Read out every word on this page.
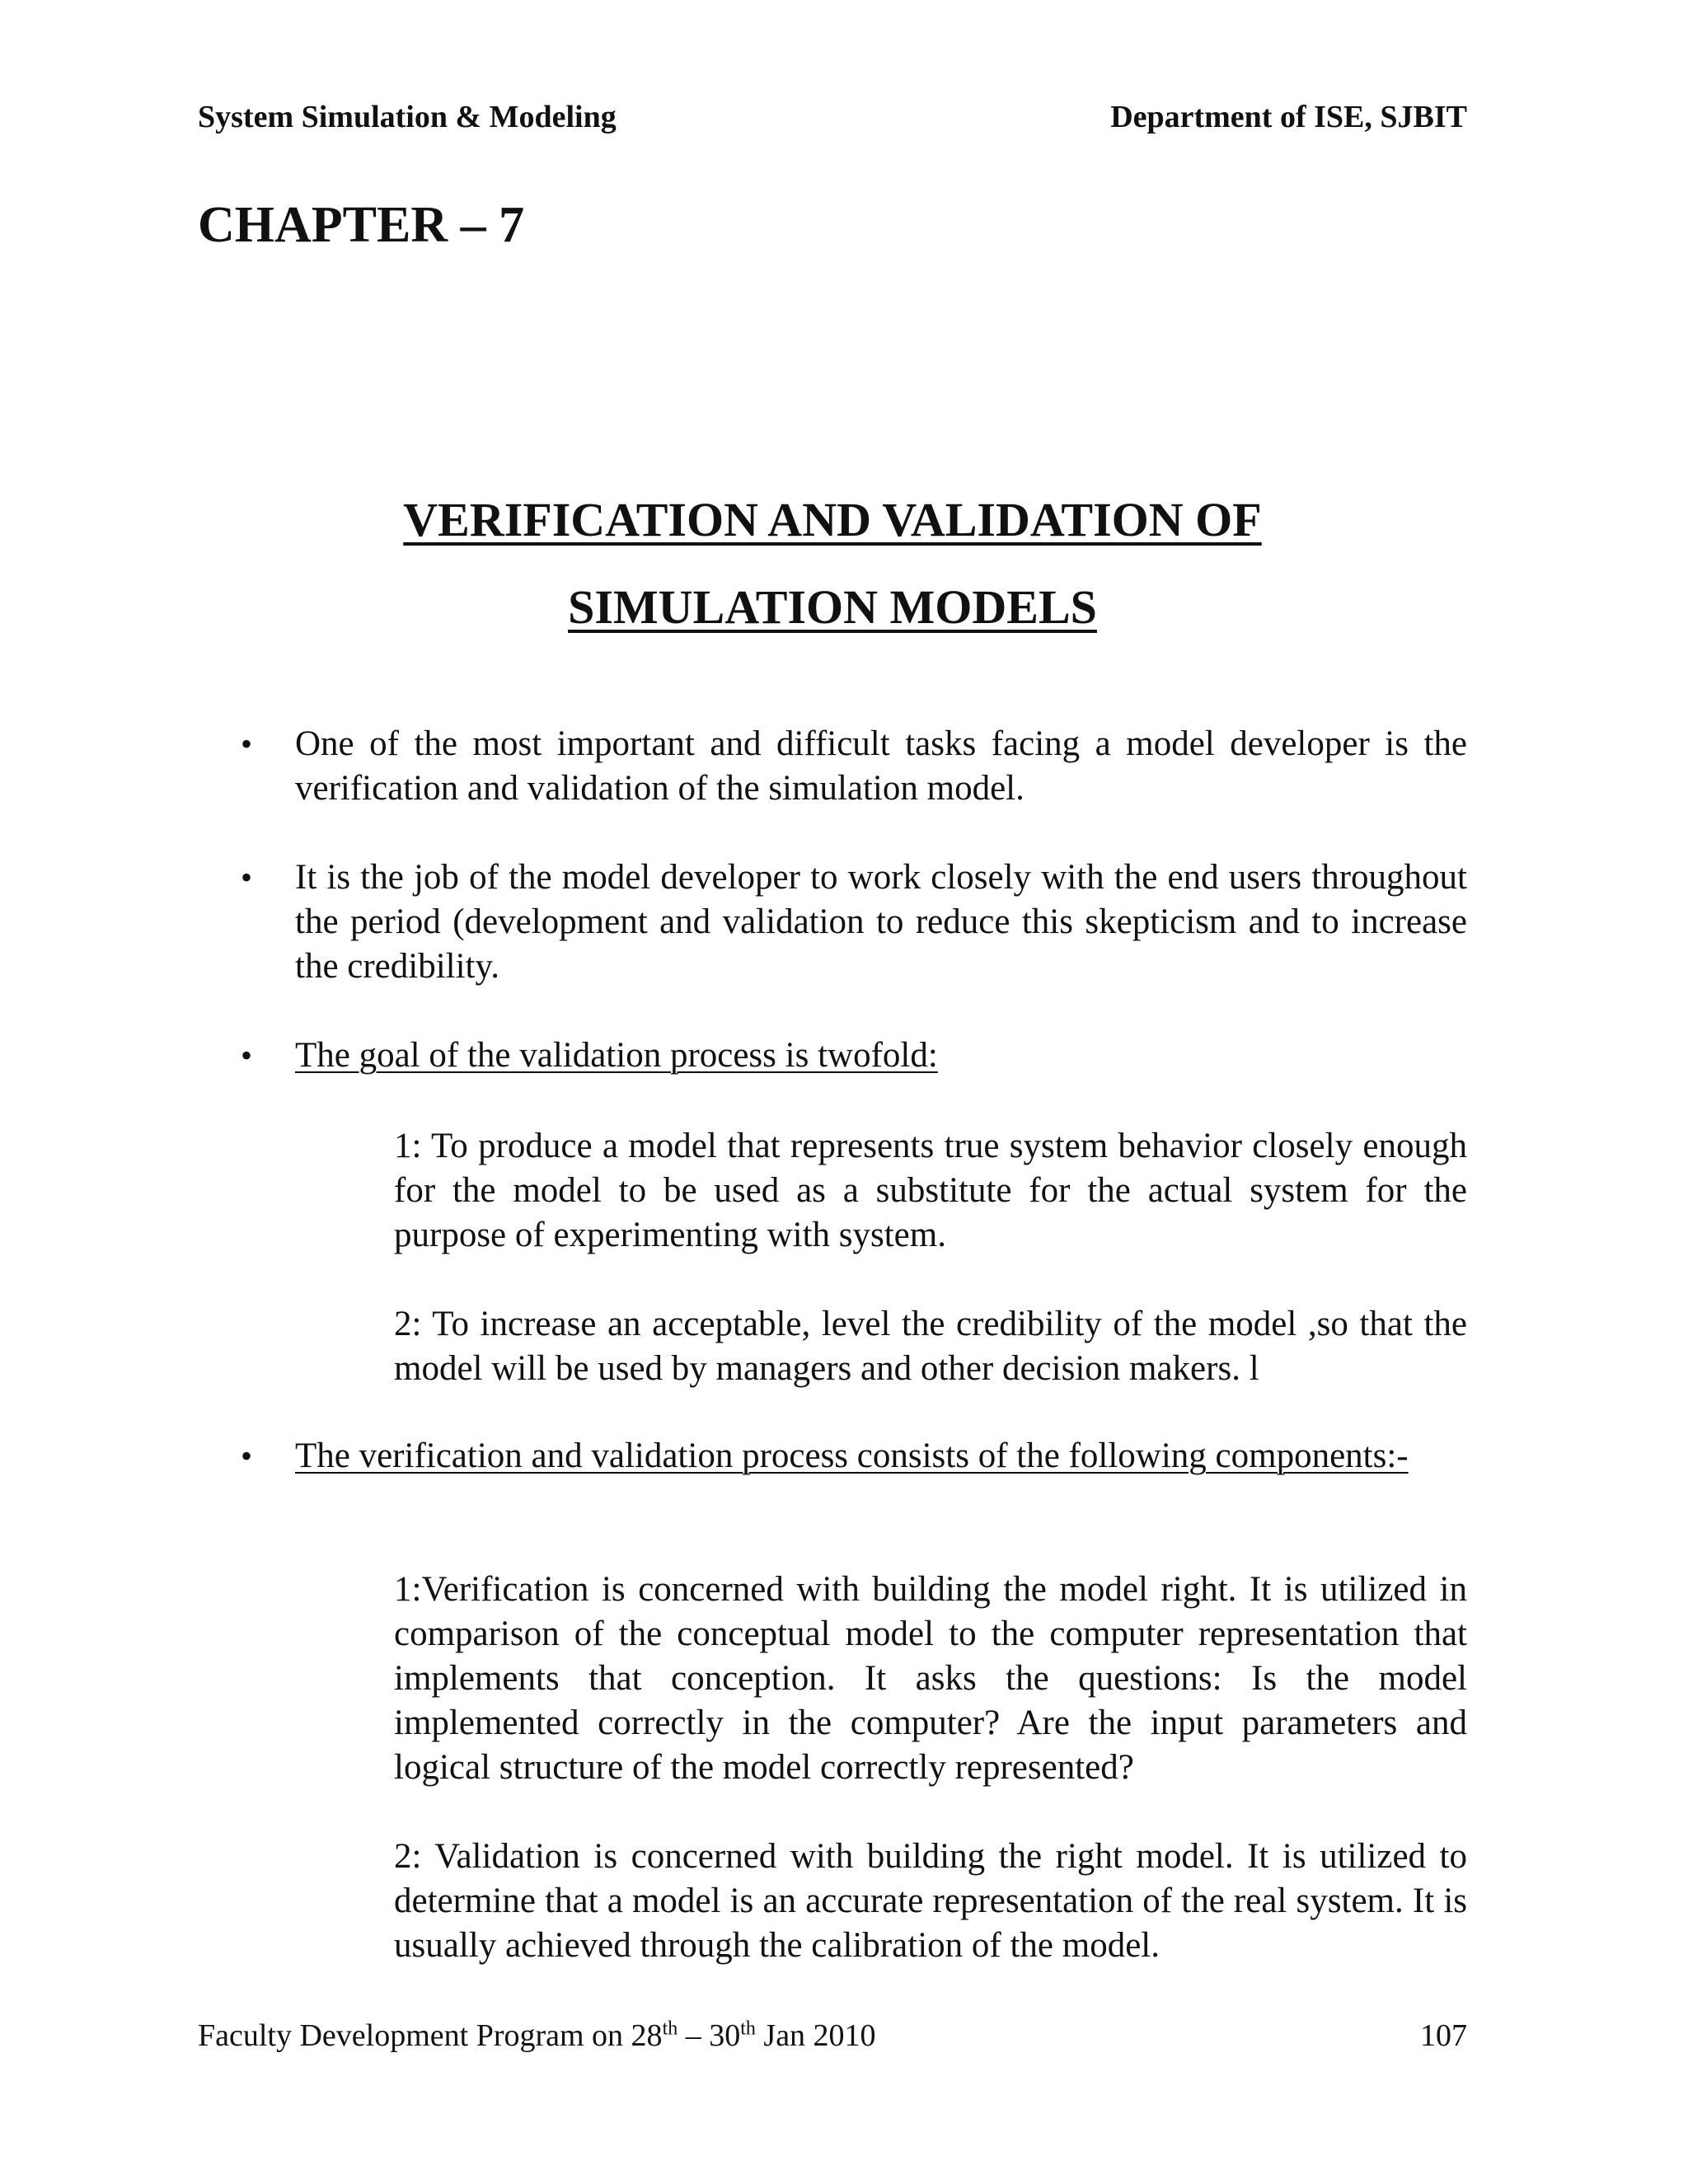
System Simulation & Modeling	Department of ISE, SJBIT
CHAPTER – 7
VERIFICATION AND VALIDATION OF
SIMULATION MODELS
• One of the most important and difficult tasks facing a model developer is the verification and validation of the simulation model.
• It is the job of the model developer to work closely with the end users throughout the period (development and validation to reduce this skepticism and to increase the credibility.
• The goal of the validation process is twofold:
1: To produce a model that represents true system behavior closely enough for the model to be used as a substitute for the actual system for the purpose of experimenting with system.
2: To increase an acceptable, level the credibility of the model ,so that the model will be used by managers and other decision makers. l
• The verification and validation process consists of the following components:-
1:Verification is concerned with building the model right. It is utilized in comparison of the conceptual model to the computer representation that implements that conception. It asks the questions: Is the model implemented correctly in the computer? Are the input parameters and logical structure of the model correctly represented?
2: Validation is concerned with building the right model. It is utilized to determine that a model is an accurate representation of the real system. It is usually achieved through the calibration of the model.
Faculty Development Program on 28th – 30th Jan 2010	107
